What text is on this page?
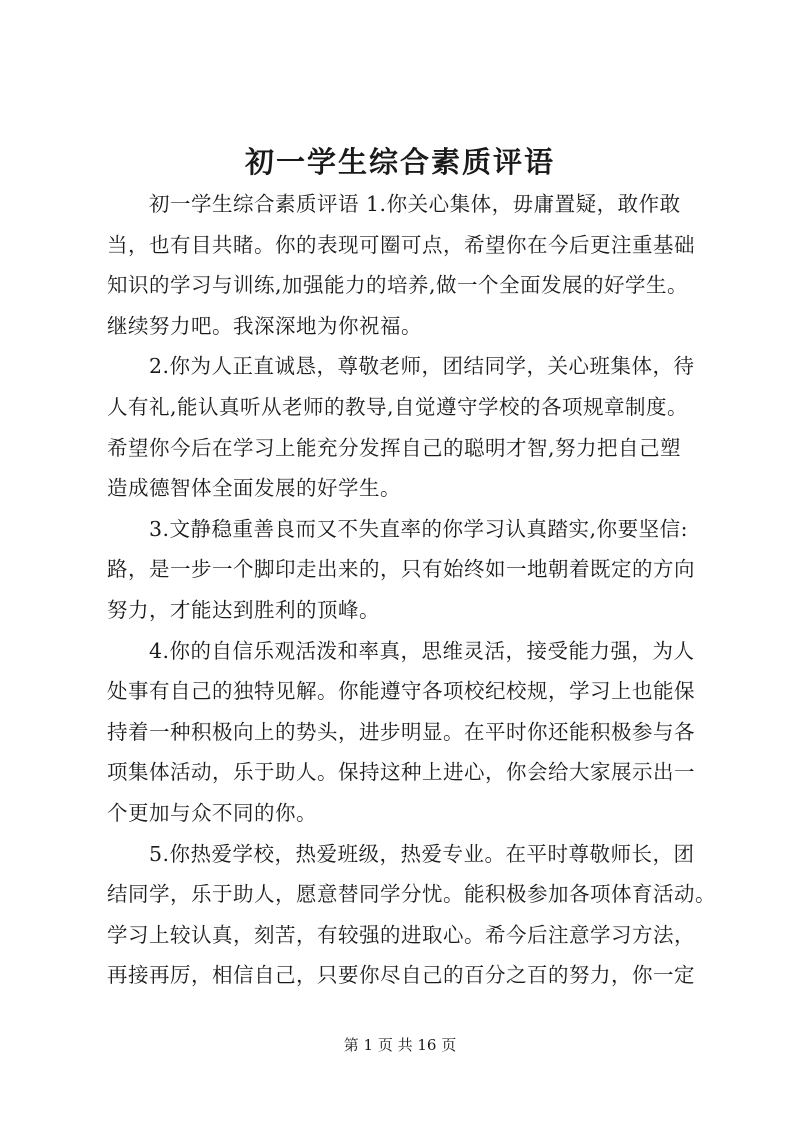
初一学生综合素质评语

初一学生综合素质评语 1.你关心集体，毋庸置疑，敢作敢

当，也有目共睹。你的表现可圈可点，希望你在今后更注重基础

知识的学习与训练,加强能力的培养,做一个全面发展的好学生。

继续努力吧。我深深地为你祝福。

2.你为人正直诚恳，尊敬老师，团结同学，关心班集体，待

人有礼,能认真听从老师的教导,自觉遵守学校的各项规章制度。

希望你今后在学习上能充分发挥自己的聪明才智,努力把自己塑

造成德智体全面发展的好学生。

3.文静稳重善良而又不失直率的你学习认真踏实,你要坚信:

路，是一步一个脚印走出来的，只有始终如一地朝着既定的方向

努力，才能达到胜利的顶峰。

4.你的自信乐观活泼和率真，思维灵活，接受能力强，为人

处事有自己的独特见解。你能遵守各项校纪校规，学习上也能保

持着一种积极向上的势头，进步明显。在平时你还能积极参与各

项集体活动，乐于助人。保持这种上进心，你会给大家展示出一

个更加与众不同的你。

5.你热爱学校，热爱班级，热爱专业。在平时尊敬师长，团

结同学，乐于助人，愿意替同学分忧。能积极参加各项体育活动。

学习上较认真，刻苦，有较强的进取心。希今后注意学习方法，

再接再厉，相信自己，只要你尽自己的百分之百的努力，你一定

第 1 页 共 16 页
